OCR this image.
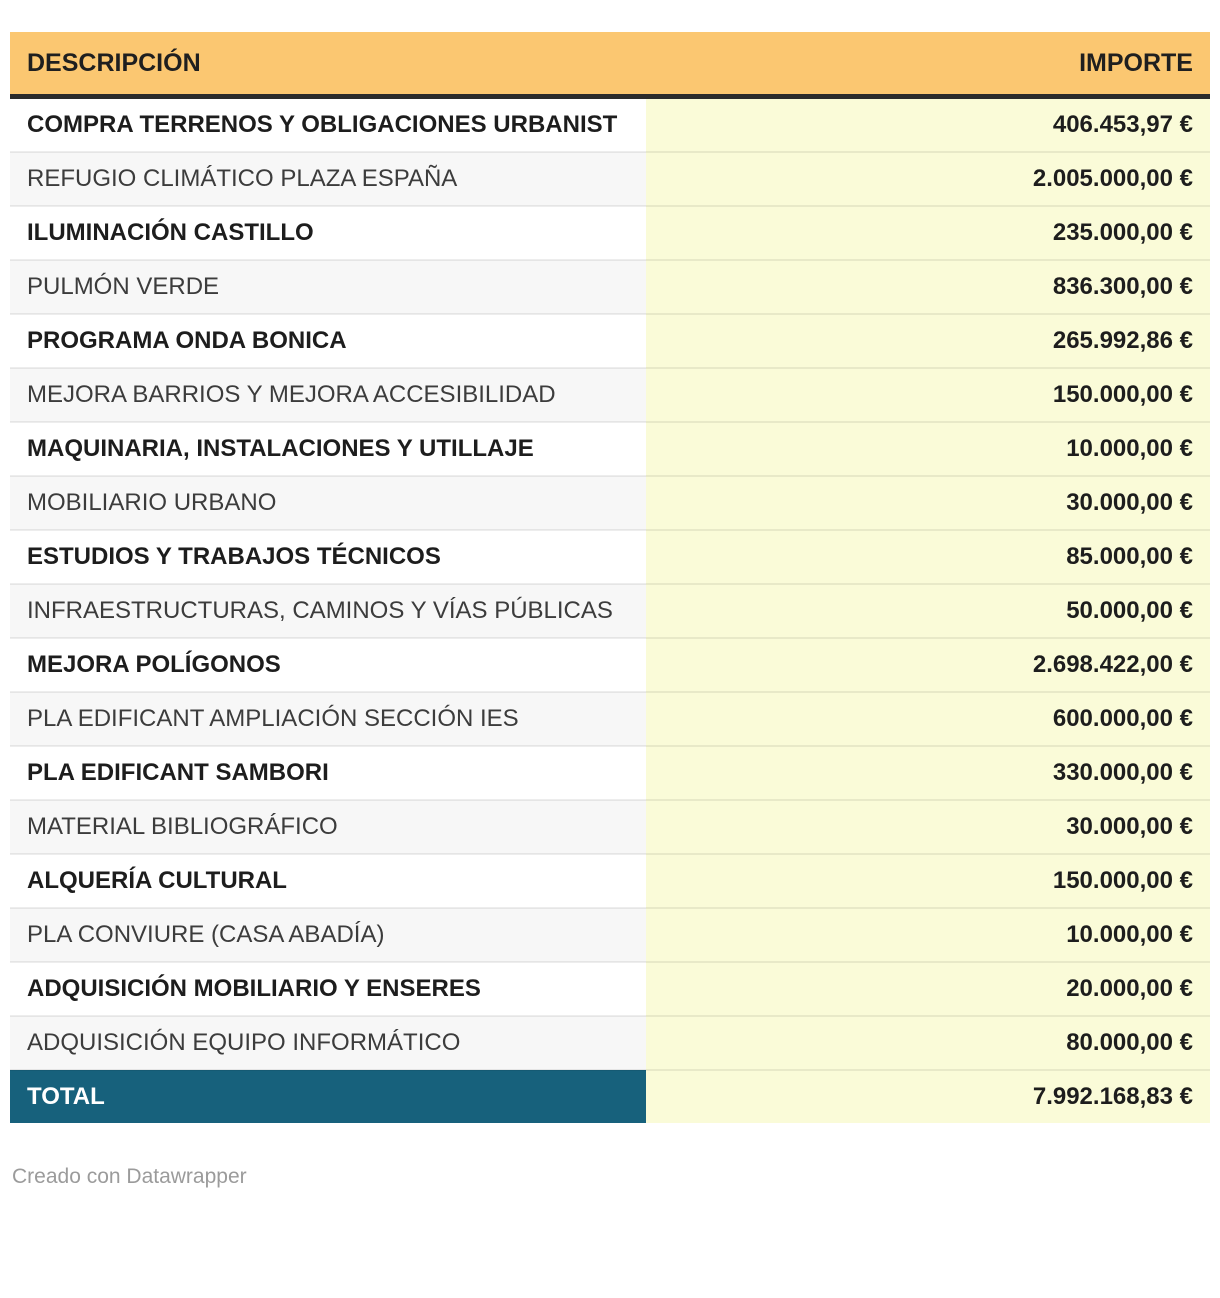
DESCRIPCIÓN	IMPORTE
COMPRA TERRENOS Y OBLIGACIONES URBANIST	406.453,97 €
REFUGIO CLIMÁTICO PLAZA ESPAÑA	2.005.000,00 €
ILUMINACIÓN CASTILLO	235.000,00 €
PULMÓN VERDE	836.300,00 €
PROGRAMA ONDA BONICA	265.992,86 €
MEJORA BARRIOS Y MEJORA ACCESIBILIDAD	150.000,00 €
MAQUINARIA, INSTALACIONES Y UTILLAJE	10.000,00 €
MOBILIARIO URBANO	30.000,00 €
ESTUDIOS Y TRABAJOS TÉCNICOS	85.000,00 €
INFRAESTRUCTURAS, CAMINOS Y VÍAS PÚBLICAS	50.000,00 €
MEJORA POLÍGONOS	2.698.422,00 €
PLA EDIFICANT AMPLIACIÓN SECCIÓN IES	600.000,00 €
PLA EDIFICANT SAMBORI	330.000,00 €
MATERIAL BIBLIOGRÁFICO	30.000,00 €
ALQUERÍA CULTURAL	150.000,00 €
PLA CONVIURE (CASA ABADÍA)	10.000,00 €
ADQUISICIÓN MOBILIARIO Y ENSERES	20.000,00 €
ADQUISICIÓN EQUIPO INFORMÁTICO	80.000,00 €
TOTAL	7.992.168,83 €
Creado con Datawrapper
